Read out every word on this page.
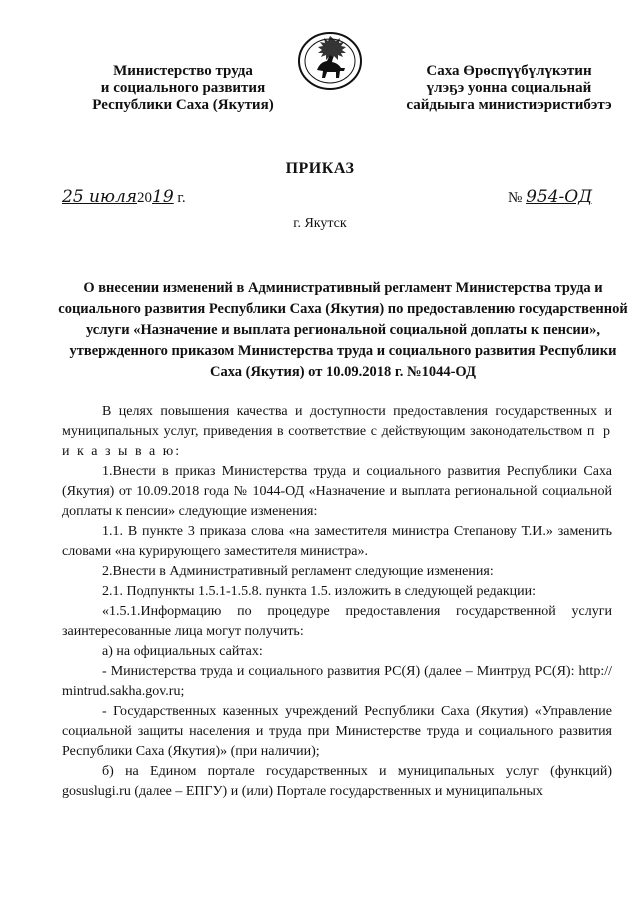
Министерство труда
и социального развития
Республики Саха (Якутия)
Саха Өрөспүүбүлүкэтин
үлэҕэ уонна социальнай
сайдыыга министиэристибэтэ
ПРИКАЗ
25 июля2019 г.	№ 954-ОД
г. Якутск
О внесении изменений в Административный регламент Министерства труда и социального развития Республики Саха (Якутия) по предоставлению государственной услуги «Назначение и выплата региональной социальной доплаты к пенсии», утвержденного приказом Министерства труда и социального развития Республики Саха (Якутия) от 10.09.2018 г. №1044-ОД

В целях повышения качества и доступности предоставления государственных и муниципальных услуг, приведения в соответствие с действующим законодательством п р и к а з ы в а ю:

1.Внести в приказ Министерства труда и социального развития Республики Саха (Якутия) от 10.09.2018 года № 1044-ОД «Назначение и выплата региональной социальной доплаты к пенсии» следующие изменения:

1.1. В пункте 3 приказа слова «на заместителя министра Степанову Т.И.» заменить словами «на курирующего заместителя министра».

2.Внести в Административный регламент следующие изменения:

2.1. Подпункты 1.5.1-1.5.8. пункта 1.5. изложить в следующей редакции:

«1.5.1.Информацию по процедуре предоставления государственной услуги заинтересованные лица могут получить:

а) на официальных сайтах:

- Министерства труда и социального развития РС(Я) (далее – Минтруд РС(Я): http:// mintrud.sakha.gov.ru;

- Государственных казенных учреждений Республики Саха (Якутия) «Управление социальной защиты населения и труда при Министерстве труда и социального развития Республики Саха (Якутия)» (при наличии);

б) на Едином портале государственных и муниципальных услуг (функций) gosuslugi.ru (далее – ЕПГУ) и (или) Портале государственных и муниципальных
